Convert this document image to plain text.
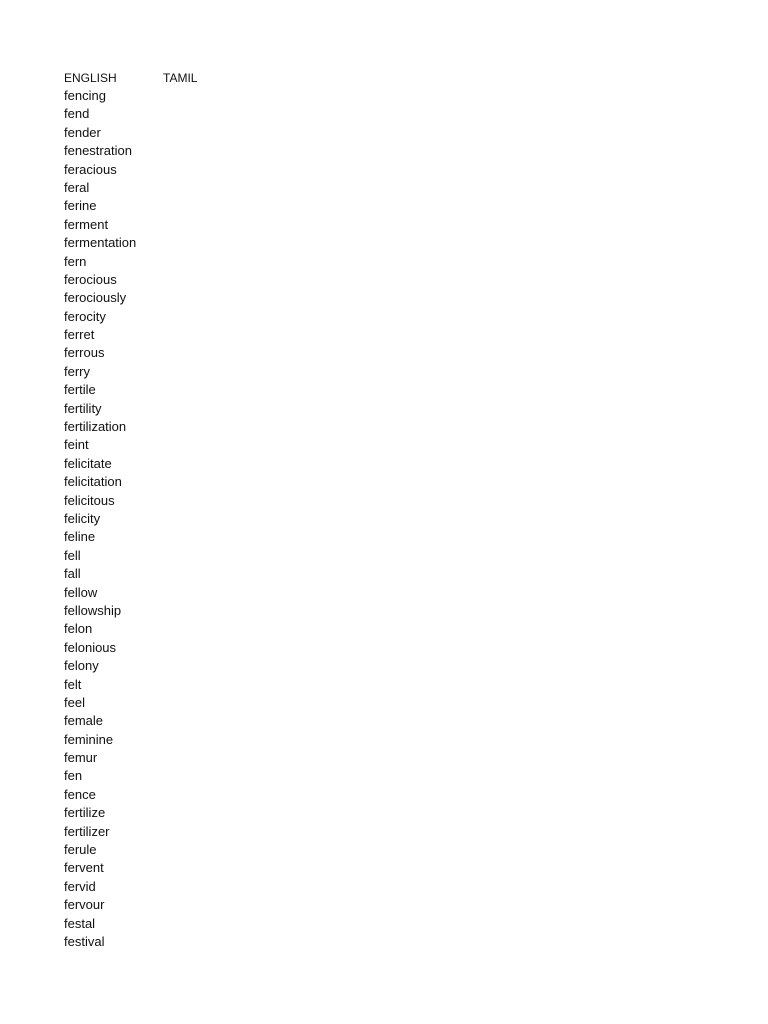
ENGLISH	TAMIL
fencing
fend
fender
fenestration
feracious
feral
ferine
ferment
fermentation
fern
ferocious
ferociously
ferocity
ferret
ferrous
ferry
fertile
fertility
fertilization
feint
felicitate
felicitation
felicitous
felicity
feline
fell
fall
fellow
fellowship
felon
felonious
felony
felt
feel
female
feminine
femur
fen
fence
fertilize
fertilizer
ferule
fervent
fervid
fervour
festal
festival
